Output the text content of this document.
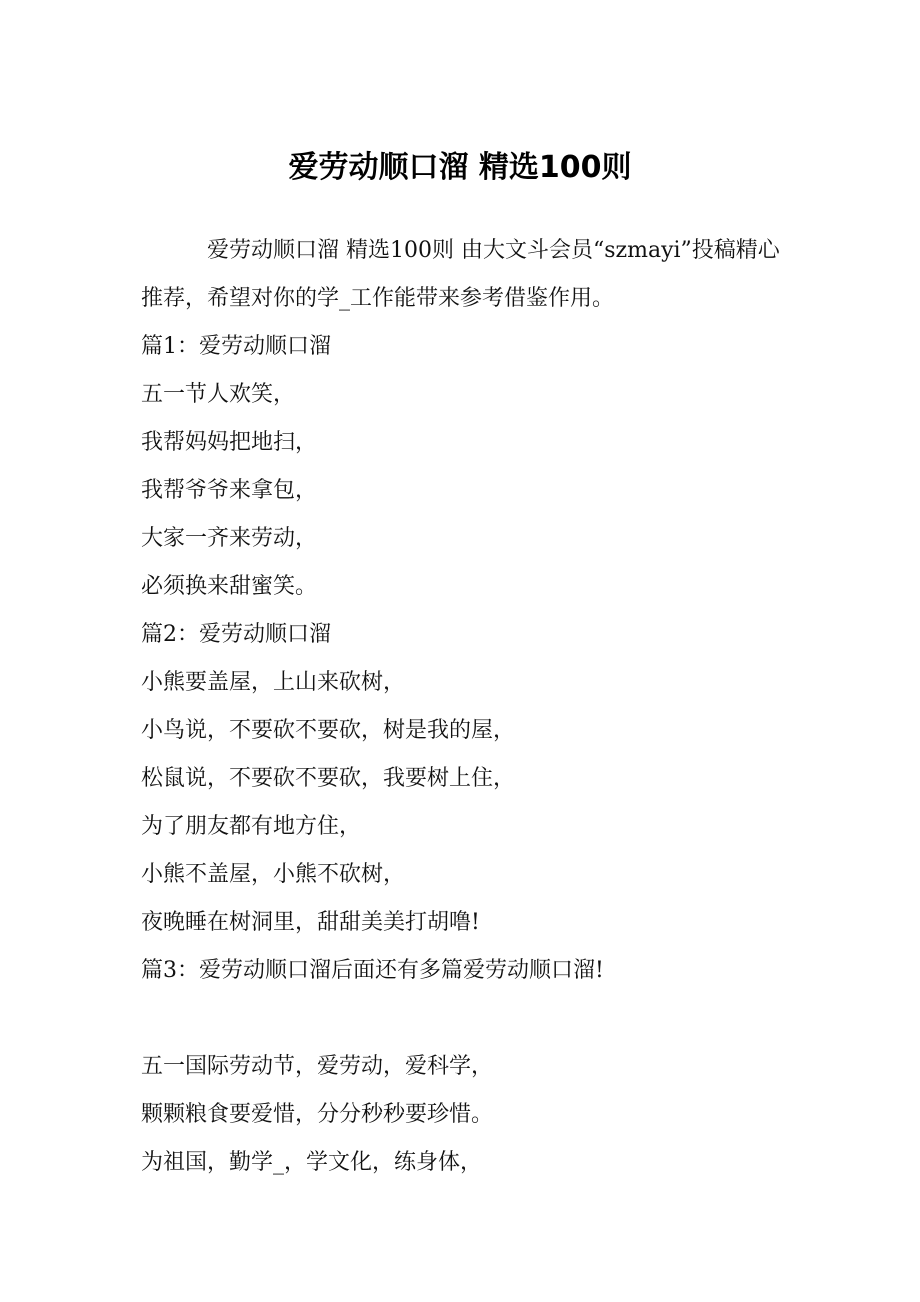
爱劳动顺口溜 精选100则

爱劳动顺口溜 精选100则 由大文斗会员“szmayi”投稿精心推荐，希望对你的学_工作能带来参考借鉴作用。

篇1：爱劳动顺口溜
五一节人欢笑，
我帮妈妈把地扫，
我帮爷爷来拿包，
大家一齐来劳动，
必须换来甜蜜笑。
篇2：爱劳动顺口溜
小熊要盖屋，上山来砍树，
小鸟说，不要砍不要砍，树是我的屋，
松鼠说，不要砍不要砍，我要树上住，
为了朋友都有地方住，
小熊不盖屋，小熊不砍树，
夜晚睡在树洞里，甜甜美美打胡噜!
篇3：爱劳动顺口溜后面还有多篇爱劳动顺口溜!
五一国际劳动节，爱劳动，爱科学，
颗颗粮食要爱惜，分分秒秒要珍惜。
为祖国，勤学_，学文化，练身体，
